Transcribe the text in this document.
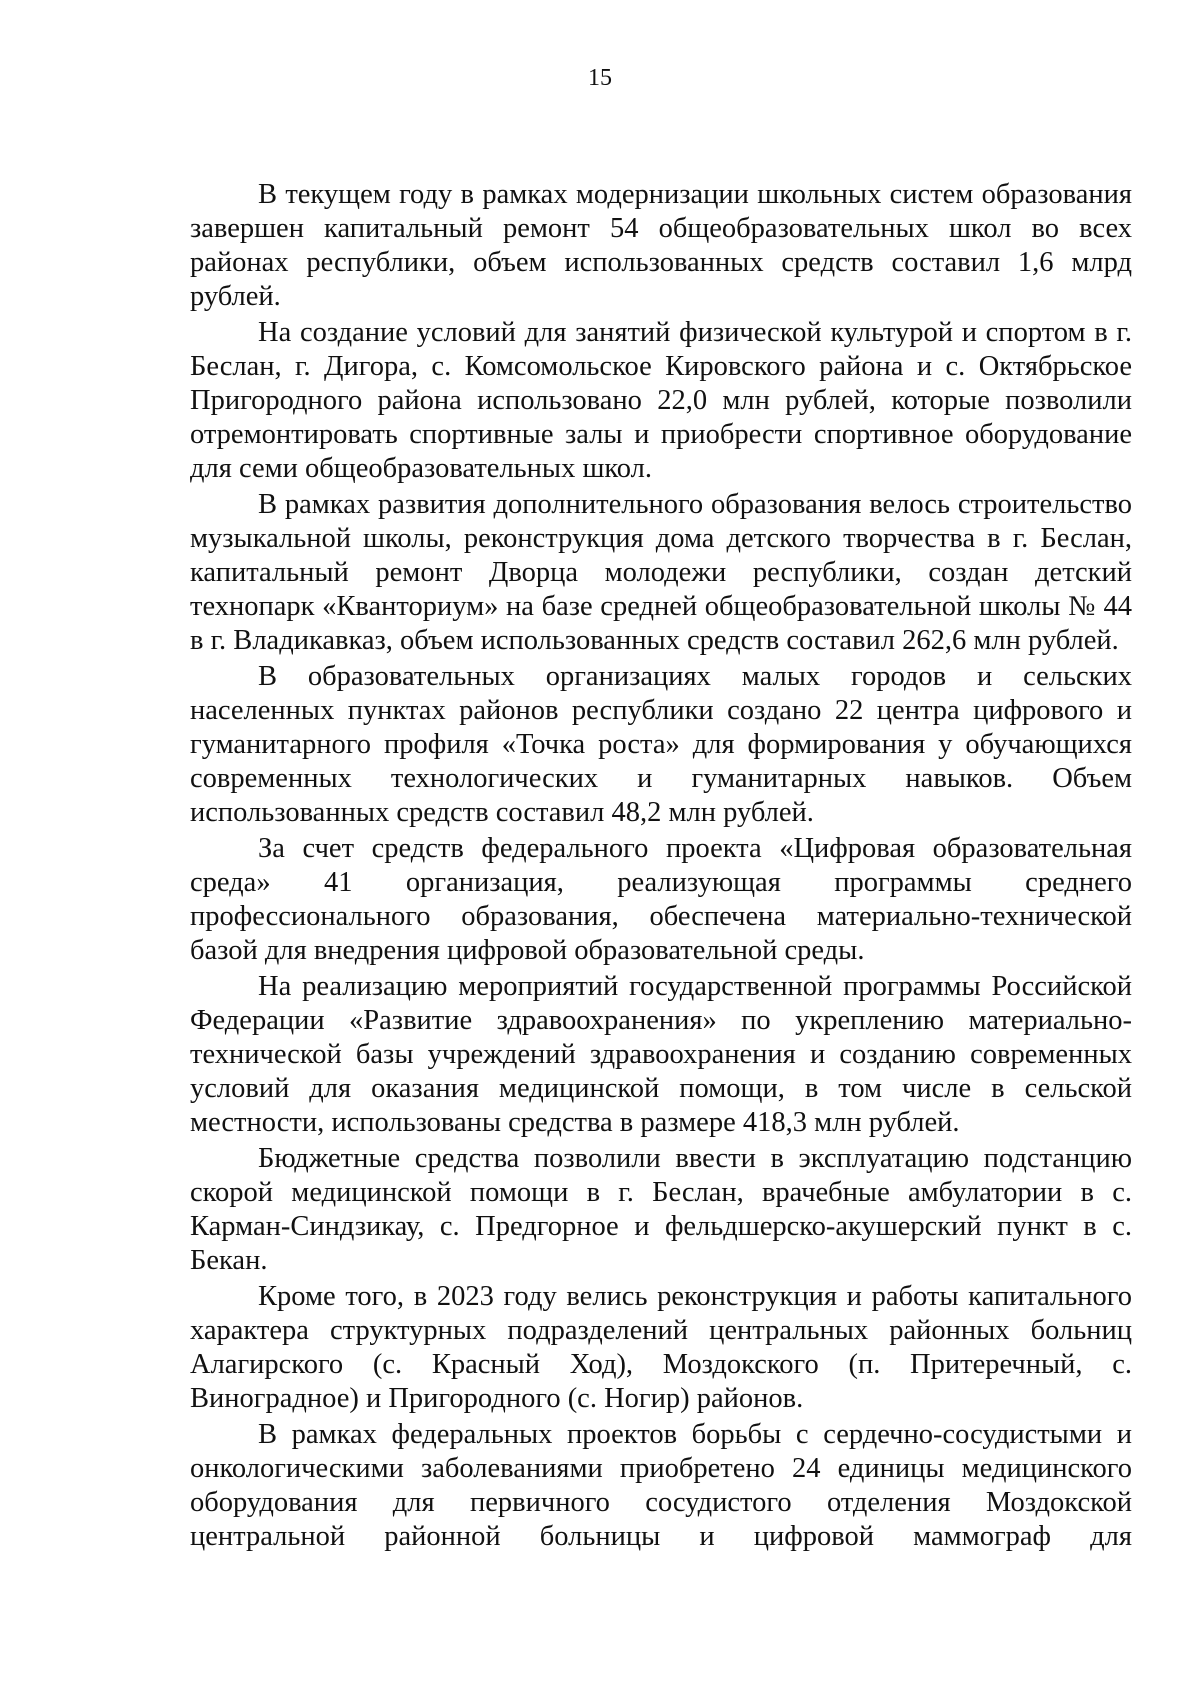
15

В текущем году в рамках модернизации школьных систем образования завершен капитальный ремонт 54 общеобразовательных школ во всех районах республики, объем использованных средств составил 1,6 млрд рублей.

На создание условий для занятий физической культурой и спортом в г. Беслан, г. Дигора, с. Комсомольское Кировского района и с. Октябрьское Пригородного района использовано 22,0 млн рублей, которые позволили отремонтировать спортивные залы и приобрести спортивное оборудование для семи общеобразовательных школ.

В рамках развития дополнительного образования велось строительство музыкальной школы, реконструкция дома детского творчества в г. Беслан, капитальный ремонт Дворца молодежи республики, создан детский технопарк «Кванториум» на базе средней общеобразовательной школы № 44 в г. Владикавказ, объем использованных средств составил 262,6 млн рублей.

В образовательных организациях малых городов и сельских населенных пунктах районов республики создано 22 центра цифрового и гуманитарного профиля «Точка роста» для формирования у обучающихся современных технологических и гуманитарных навыков. Объем использованных средств составил 48,2 млн рублей.

За счет средств федерального проекта «Цифровая образовательная среда» 41 организация, реализующая программы среднего профессионального образования, обеспечена материально-технической базой для внедрения цифровой образовательной среды.

На реализацию мероприятий государственной программы Российской Федерации «Развитие здравоохранения» по укреплению материально-технической базы учреждений здравоохранения и созданию современных условий для оказания медицинской помощи, в том числе в сельской местности, использованы средства в размере 418,3 млн рублей.

Бюджетные средства позволили ввести в эксплуатацию подстанцию скорой медицинской помощи в г. Беслан, врачебные амбулатории в с. Карман-Синдзикау, с. Предгорное и фельдшерско-акушерский пункт в с. Бекан.

Кроме того, в 2023 году велись реконструкция и работы капитального характера структурных подразделений центральных районных больниц Алагирского (с. Красный Ход), Моздокского (п. Притеречный, с. Виноградное) и Пригородного (с. Ногир) районов.

В рамках федеральных проектов борьбы с сердечно-сосудистыми и онкологическими заболеваниями приобретено 24 единицы медицинского оборудования для первичного сосудистого отделения Моздокской центральной районной больницы и цифровой маммограф для
